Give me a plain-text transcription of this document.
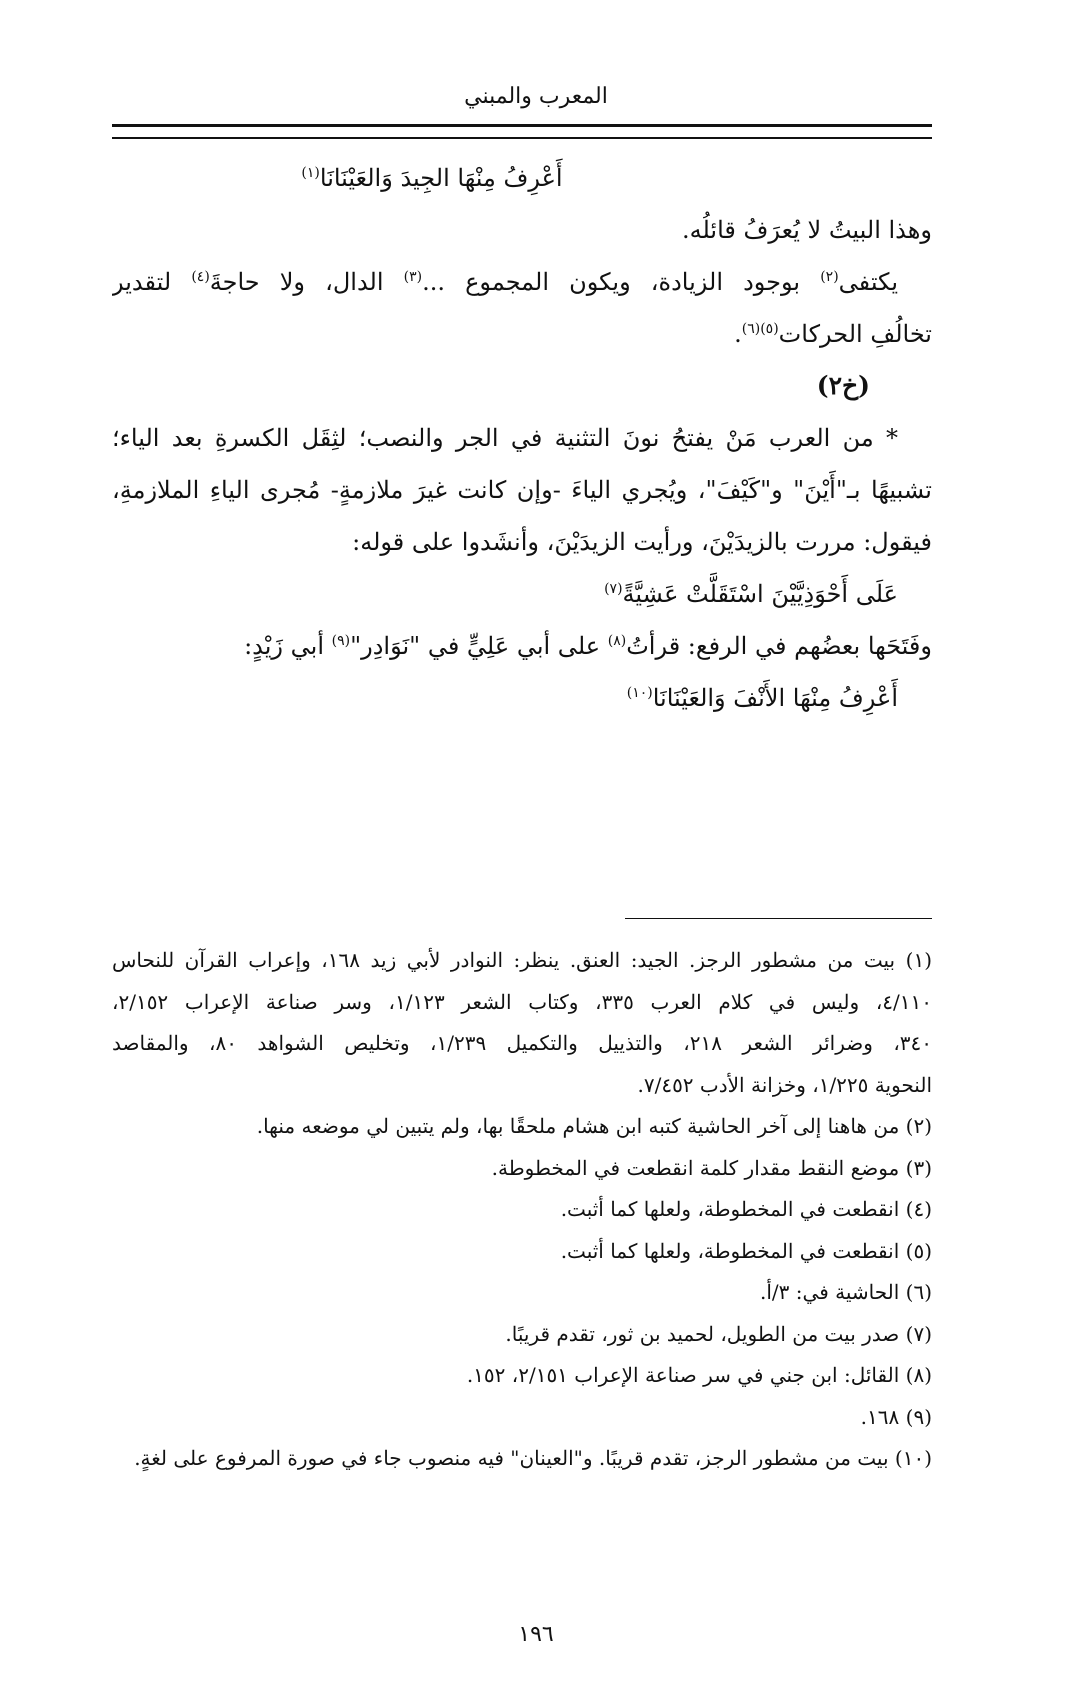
المعرب والمبني
أَعْرِفُ مِنْهَا الجِيدَ وَالعَيْنَانَا$^{(١)}$
وهذا البيتُ لا يُعرَفُ قائلُه.
يكتفى$^{(٢)}$ بوجود الزيادة، ويكون المجموع ...$^{(٣)}$ الدال، ولا حاجةَ$^{(٤)}$ لتقدير
تخالُفِ الحركات$^{(٥)(٦)}$.
(خ٢)
* من العرب مَنْ يفتحُ نونَ التثنية في الجر والنصب؛ لثِقَل الكسرةِ بعد الياء؛
تشبيهًا بـ"أَيْنَ" و"كَيْفَ"، ويُجري الياءَ -وإن كانت غيرَ ملازمةٍ- مُجرى الياءِ الملازمةِ،
فيقول: مررت بالزيدَيْنَ، ورأيت الزيدَيْنَ، وأنشَدوا على قوله:
عَلَى أَحْوَذِيَّيْنَ اسْتَقَلَّتْ عَشِيَّةً$^{(٧)}$
وفَتَحَها بعضُهم في الرفع: قرأتُ$^{(٨)}$ على أبي عَلِيٍّ في "نَوَادِر"$^{(٩)}$ أبي زَيْدٍ:
أَعْرِفُ مِنْهَا الأَنْفَ وَالعَيْنَانَا$^{(١٠)}$
(١) بيت من مشطور الرجز. الجيد: العنق. ينظر: النوادر لأبي زيد ١٦٨، وإعراب القرآن للنحاس
٤/١١٠، وليس في كلام العرب ٣٣٥، وكتاب الشعر ١/١٢٣، وسر صناعة الإعراب ٢/١٥٢،
٣٤٠، وضرائر الشعر ٢١٨، والتذييل والتكميل ١/٢٣٩، وتخليص الشواهد ٨٠، والمقاصد
النحوية ١/٢٢٥، وخزانة الأدب ٧/٤٥٢.
(٢) من هاهنا إلى آخر الحاشية كتبه ابن هشام ملحقًا بها، ولم يتبين لي موضعه منها.
(٣) موضع النقط مقدار كلمة انقطعت في المخطوطة.
(٤) انقطعت في المخطوطة، ولعلها كما أثبت.
(٥) انقطعت في المخطوطة، ولعلها كما أثبت.
(٦) الحاشية في: ٣/أ.
(٧) صدر بيت من الطويل، لحميد بن ثور، تقدم قريبًا.
(٨) القائل: ابن جني في سر صناعة الإعراب ٢/١٥١، ١٥٢.
(٩) ١٦٨.
(١٠) بيت من مشطور الرجز، تقدم قريبًا. و"العينان" فيه منصوب جاء في صورة المرفوع على لغةٍ.
١٩٦
